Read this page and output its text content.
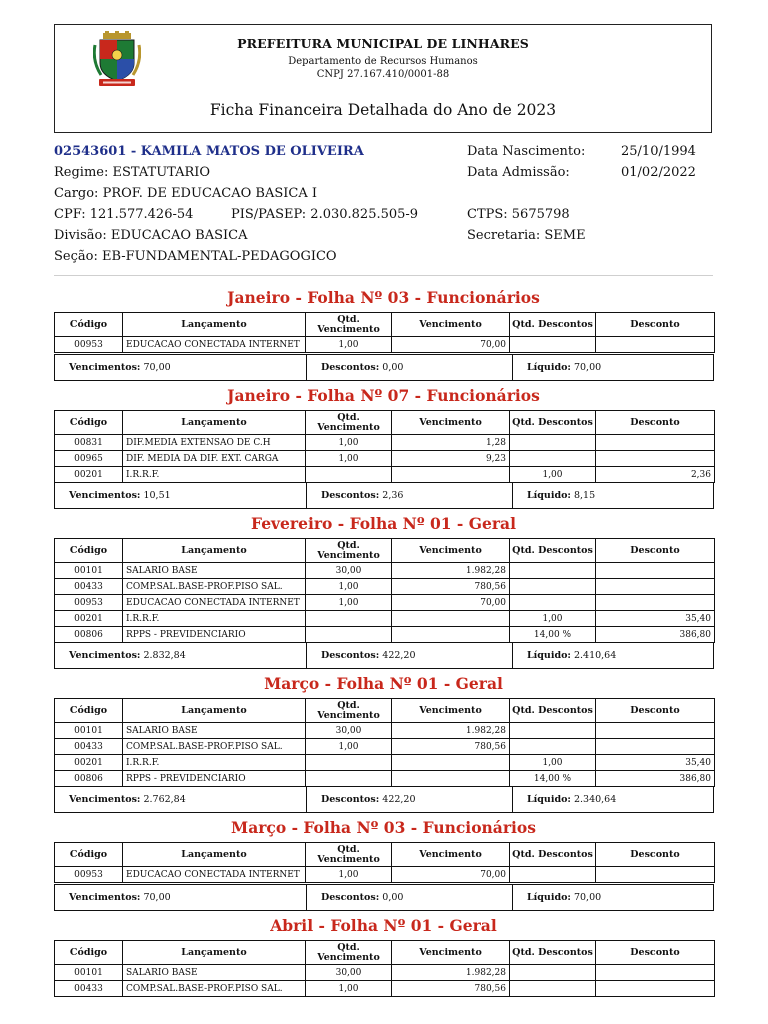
PREFEITURA MUNICIPAL DE LINHARES
Departamento de Recursos Humanos
CNPJ 27.167.410/0001-88
Ficha Financeira Detalhada do Ano de 2023
02543601 - KAMILA MATOS DE OLIVEIRA
Regime: ESTATUTARIO
Cargo: PROF. DE EDUCACAO BASICA I
CPF: 121.577.426-54	PIS/PASEP: 2.030.825.505-9
Divisão: EDUCACAO BASICA
Seção: EB-FUNDAMENTAL-PEDAGOGICO
Data Nascimento:	25/10/1994
Data Admissão:	01/02/2022
CTPS: 5675798
Secretaria: SEME
Janeiro - Folha Nº 03 - Funcionários
Código	Lançamento	Qtd. Vencimento	Vencimento	Qtd. Descontos	Desconto
00953	EDUCACAO CONECTADA INTERNET	1,00	70,00		
Vencimentos: 70,00	Descontos: 0,00	Líquido: 70,00
Janeiro - Folha Nº 07 - Funcionários
Código	Lançamento	Qtd. Vencimento	Vencimento	Qtd. Descontos	Desconto
00831	DIF.MEDIA EXTENSAO DE C.H	1,00	1,28		
00965	DIF. MEDIA DA DIF. EXT. CARGA	1,00	9,23		
00201	I.R.R.F.			1,00	2,36
Vencimentos: 10,51	Descontos: 2,36	Líquido: 8,15
Fevereiro - Folha Nº 01 - Geral
Código	Lançamento	Qtd. Vencimento	Vencimento	Qtd. Descontos	Desconto
00101	SALARIO BASE	30,00	1.982,28		
00433	COMP.SAL.BASE-PROF.PISO SAL.	1,00	780,56		
00953	EDUCACAO CONECTADA INTERNET	1,00	70,00		
00201	I.R.R.F.			1,00	35,40
00806	RPPS - PREVIDENCIARIO			14,00 %	386,80
Vencimentos: 2.832,84	Descontos: 422,20	Líquido: 2.410,64
Março - Folha Nº 01 - Geral
Código	Lançamento	Qtd. Vencimento	Vencimento	Qtd. Descontos	Desconto
00101	SALARIO BASE	30,00	1.982,28		
00433	COMP.SAL.BASE-PROF.PISO SAL.	1,00	780,56		
00201	I.R.R.F.			1,00	35,40
00806	RPPS - PREVIDENCIARIO			14,00 %	386,80
Vencimentos: 2.762,84	Descontos: 422,20	Líquido: 2.340,64
Março - Folha Nº 03 - Funcionários
Código	Lançamento	Qtd. Vencimento	Vencimento	Qtd. Descontos	Desconto
00953	EDUCACAO CONECTADA INTERNET	1,00	70,00		
Vencimentos: 70,00	Descontos: 0,00	Líquido: 70,00
Abril - Folha Nº 01 - Geral
Código	Lançamento	Qtd. Vencimento	Vencimento	Qtd. Descontos	Desconto
00101	SALARIO BASE	30,00	1.982,28		
00433	COMP.SAL.BASE-PROF.PISO SAL.	1,00	780,56		
